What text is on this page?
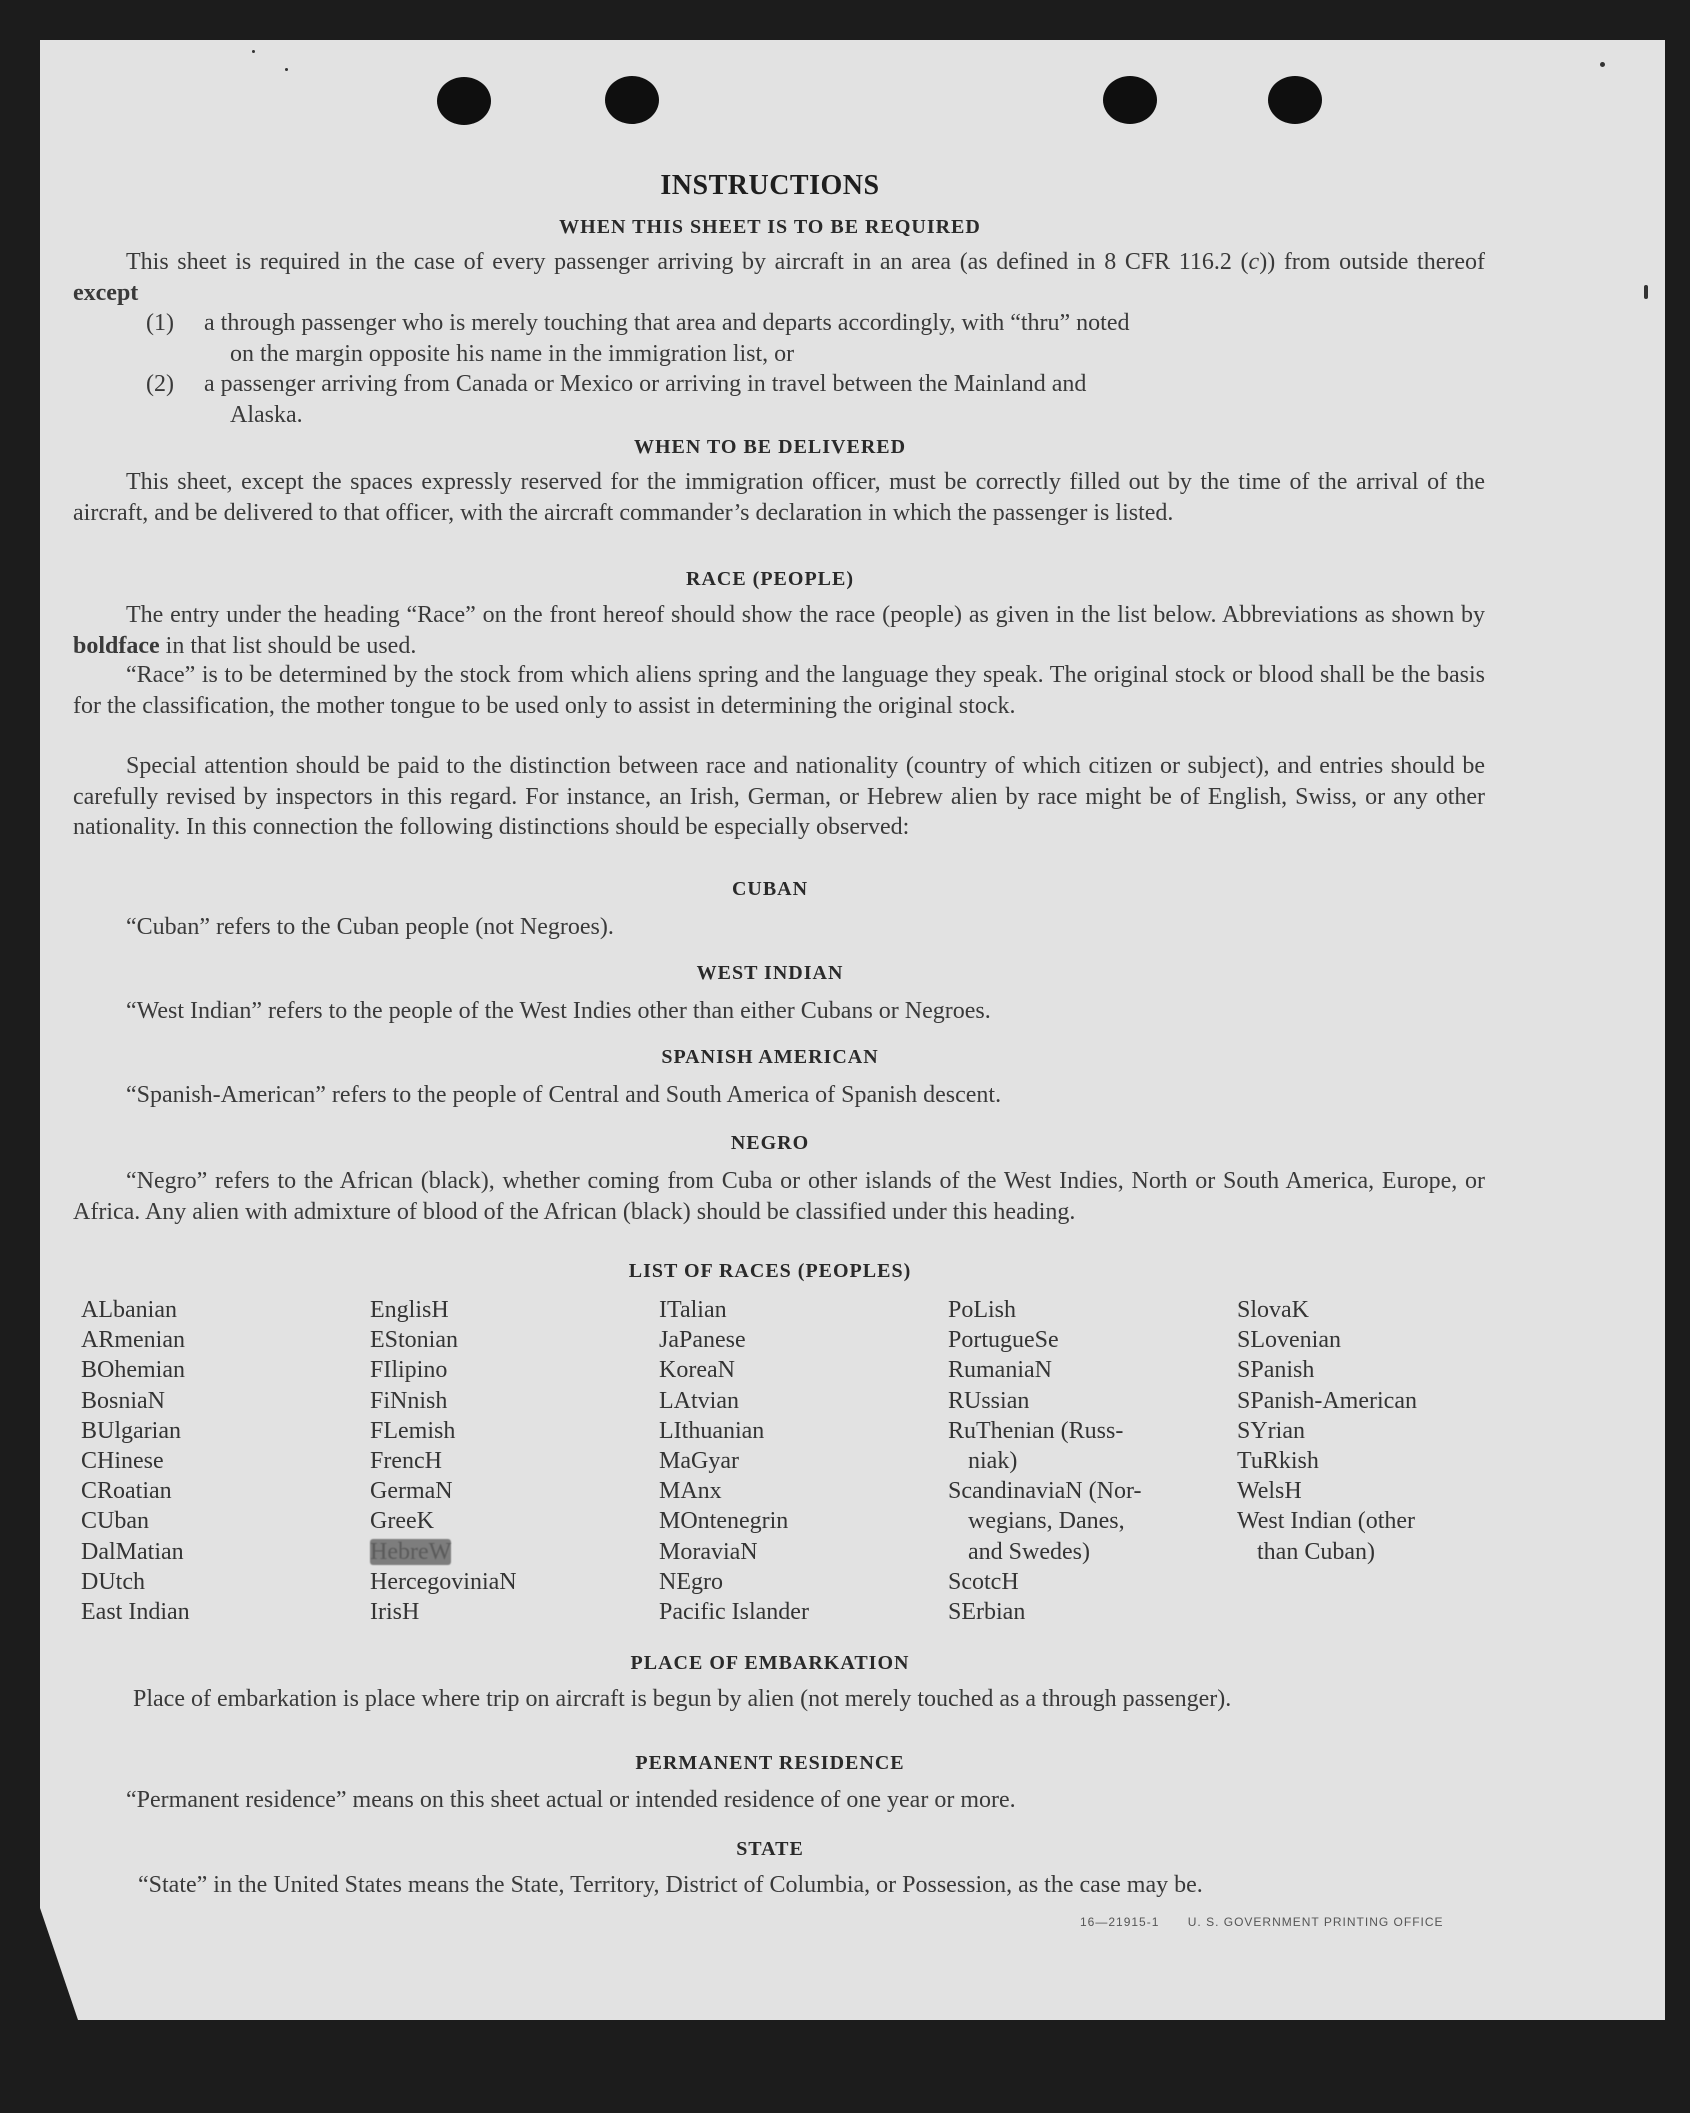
INSTRUCTIONS
WHEN THIS SHEET IS TO BE REQUIRED
This sheet is required in the case of every passenger arriving by aircraft in an area (as defined in 8 CFR 116.2 (c)) from outside thereof except
(1)	a through passenger who is merely touching that area and departs accordingly, with “thru” noted
on the margin opposite his name in the immigration list, or
(2)	a passenger arriving from Canada or Mexico or arriving in travel between the Mainland and
Alaska.
WHEN TO BE DELIVERED
This sheet, except the spaces expressly reserved for the immigration officer, must be correctly filled out by the time of the arrival of the aircraft, and be delivered to that officer, with the aircraft commander’s declaration in which the passenger is listed.
RACE (PEOPLE)
The entry under the heading “Race” on the front hereof should show the race (people) as given in the list below. Abbreviations as shown by boldface in that list should be used.
“Race” is to be determined by the stock from which aliens spring and the language they speak. The original stock or blood shall be the basis for the classification, the mother tongue to be used only to assist in determining the original stock.
Special attention should be paid to the distinction between race and nationality (country of which citizen or subject), and entries should be carefully revised by inspectors in this regard. For instance, an Irish, German, or Hebrew alien by race might be of English, Swiss, or any other nationality. In this connection the following distinctions should be especially observed:
CUBAN
“Cuban” refers to the Cuban people (not Negroes).
WEST INDIAN
“West Indian” refers to the people of the West Indies other than either Cubans or Negroes.
SPANISH AMERICAN
“Spanish-American” refers to the people of Central and South America of Spanish descent.
NEGRO
“Negro” refers to the African (black), whether coming from Cuba or other islands of the West Indies, North or South America, Europe, or Africa. Any alien with admixture of blood of the African (black) should be classified under this heading.
LIST OF RACES (PEOPLES)
ALbanian
ARmenian
BOhemian
BosniaN
BUlgarian
CHinese
CRoatian
CUban
DalMatian
DUtch
East Indian
EnglisH
EStonian
FIlipino
FiNnish
FLemish
FrencH
GermaN
GreeK
HebreW
HercegoviniaN
IrisH
ITalian
JaPanese
KoreaN
LAtvian
LIthuanian
MaGyar
MAnx
MOntenegrin
MoraviaN
NEgro
Pacific Islander
PoLish
PortugueSe
RumaniaN
RUssian
RuThenian (Russ-
niak)
ScandinaviaN (Nor-
wegians, Danes,
and Swedes)
ScotcH
SErbian
SlovaK
SLovenian
SPanish
SPanish-American
SYrian
TuRkish
WelsH
West Indian (other
than Cuban)
PLACE OF EMBARKATION
Place of embarkation is place where trip on aircraft is begun by alien (not merely touched as a through passenger).
PERMANENT RESIDENCE
“Permanent residence” means on this sheet actual or intended residence of one year or more.
STATE
“State” in the United States means the State, Territory, District of Columbia, or Possession, as the case may be.
16—21915-1 U. S. GOVERNMENT PRINTING OFFICE
